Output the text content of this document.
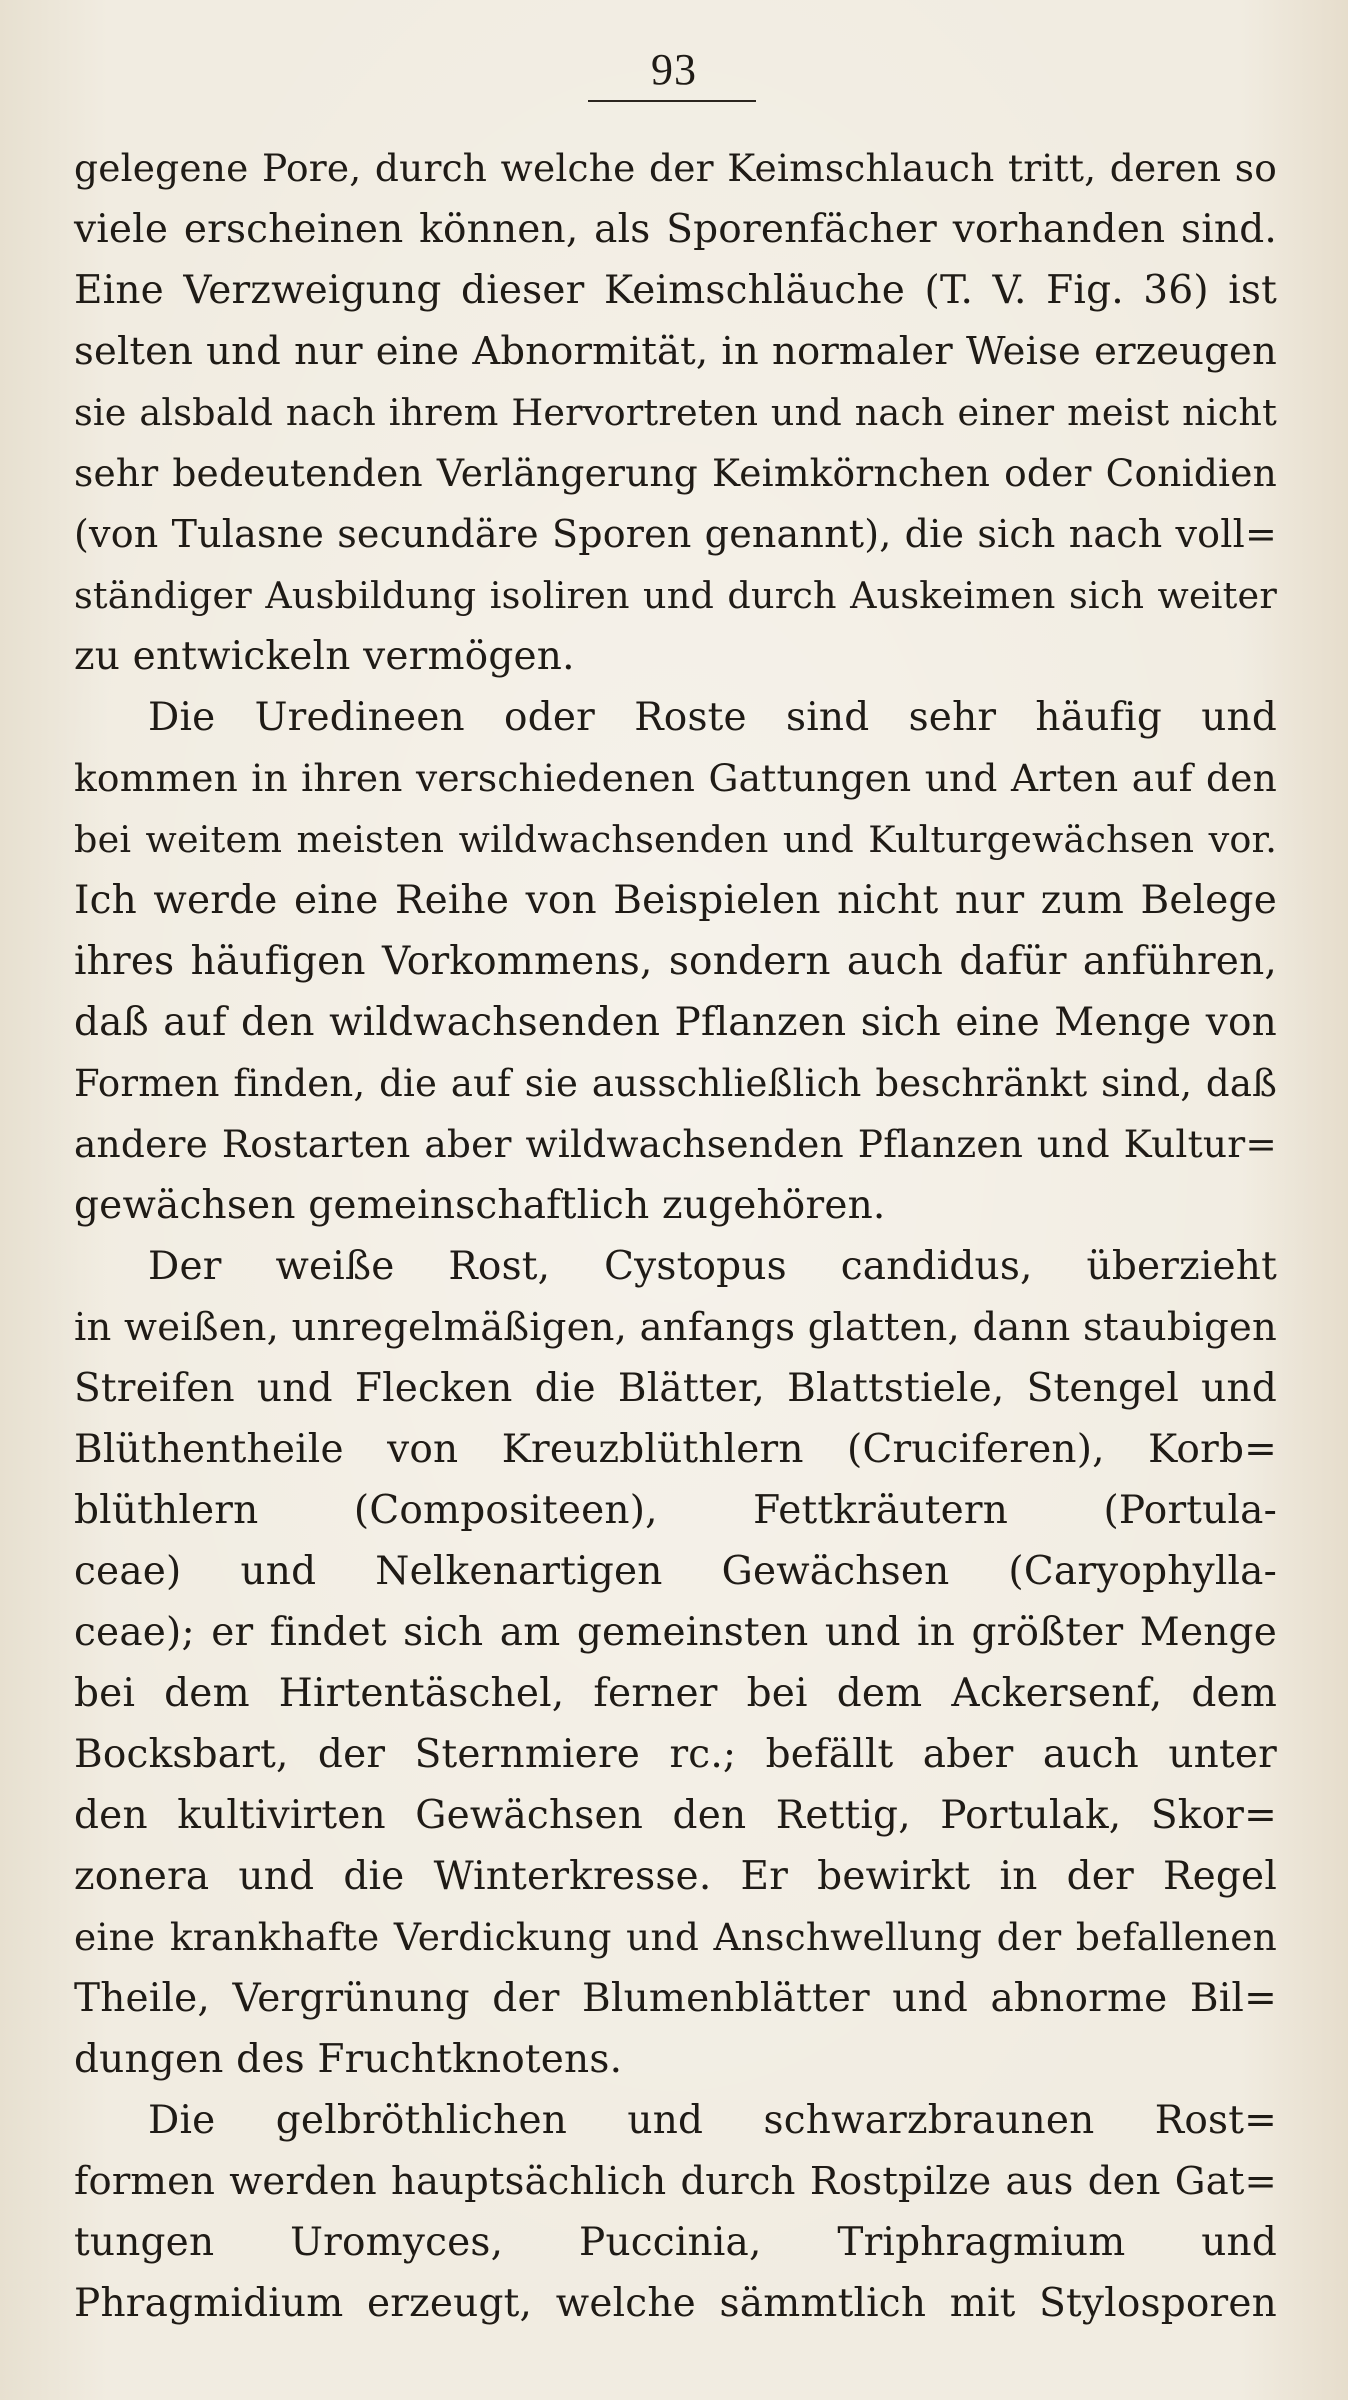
93
gelegene Pore, durch welche der Keimschlauch tritt, deren so
viele erscheinen können, als Sporenfächer vorhanden sind.
Eine Verzweigung dieser Keimschläuche (T. V. Fig. 36) ist
selten und nur eine Abnormität, in normaler Weise erzeugen
sie alsbald nach ihrem Hervortreten und nach einer meist nicht
sehr bedeutenden Verlängerung Keimkörnchen oder Conidien
(von Tulasne secundäre Sporen genannt), die sich nach voll=
ständiger Ausbildung isoliren und durch Auskeimen sich weiter
zu entwickeln vermögen.
Die Uredineen oder Roste sind sehr häufig und
kommen in ihren verschiedenen Gattungen und Arten auf den
bei weitem meisten wildwachsenden und Kulturgewächsen vor.
Ich werde eine Reihe von Beispielen nicht nur zum Belege
ihres häufigen Vorkommens, sondern auch dafür anführen,
daß auf den wildwachsenden Pflanzen sich eine Menge von
Formen finden, die auf sie ausschließlich beschränkt sind, daß
andere Rostarten aber wildwachsenden Pflanzen und Kultur=
gewächsen gemeinschaftlich zugehören.
Der weiße Rost, Cystopus candidus, überzieht
in weißen, unregelmäßigen, anfangs glatten, dann staubigen
Streifen und Flecken die Blätter, Blattstiele, Stengel und
Blüthentheile von Kreuzblüthlern (Cruciferen), Korb=
blüthlern (Compositeen), Fettkräutern (Portula-
ceae) und Nelkenartigen Gewächsen (Caryophylla-
ceae); er findet sich am gemeinsten und in größter Menge
bei dem Hirtentäschel, ferner bei dem Ackersenf, dem
Bocksbart, der Sternmiere rc.; befällt aber auch unter
den kultivirten Gewächsen den Rettig, Portulak, Skor=
zonera und die Winterkresse. Er bewirkt in der Regel
eine krankhafte Verdickung und Anschwellung der befallenen
Theile, Vergrünung der Blumenblätter und abnorme Bil=
dungen des Fruchtknotens.
Die gelbröthlichen und schwarzbraunen Rost=
formen werden hauptsächlich durch Rostpilze aus den Gat=
tungen Uromyces, Puccinia, Triphragmium und
Phragmidium erzeugt, welche sämmtlich mit Stylosporen
